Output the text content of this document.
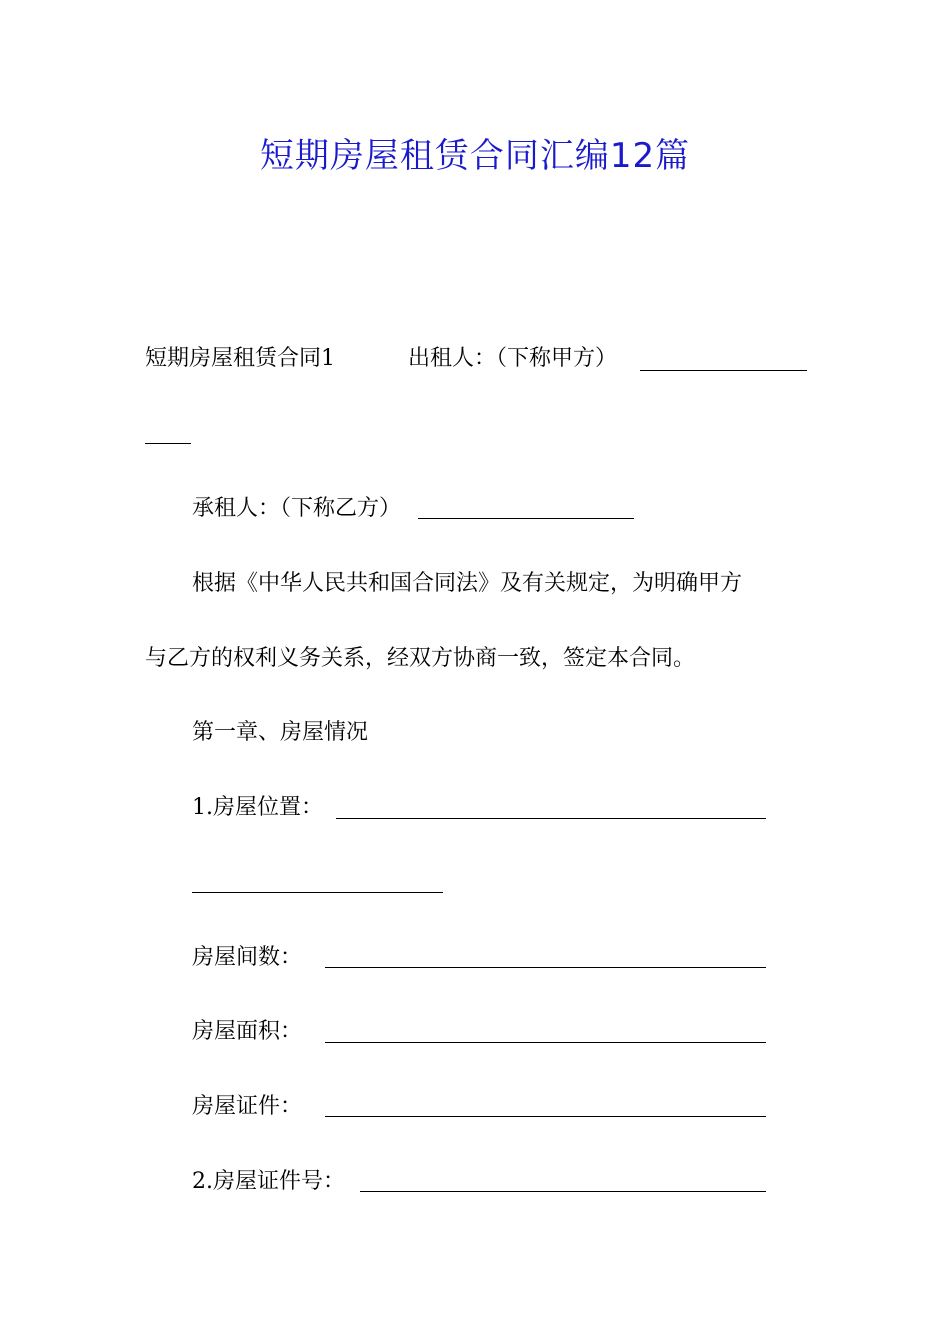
短期房屋租赁合同汇编12篇
短期房屋租赁合同1	出租人：（下称甲方）
承租人：（下称乙方）
根据《中华人民共和国合同法》及有关规定，为明确甲方
与乙方的权利义务关系，经双方协商一致，签定本合同。
第一章、房屋情况
1.房屋位置：
房屋间数：
房屋面积：
房屋证件：
2.房屋证件号：
